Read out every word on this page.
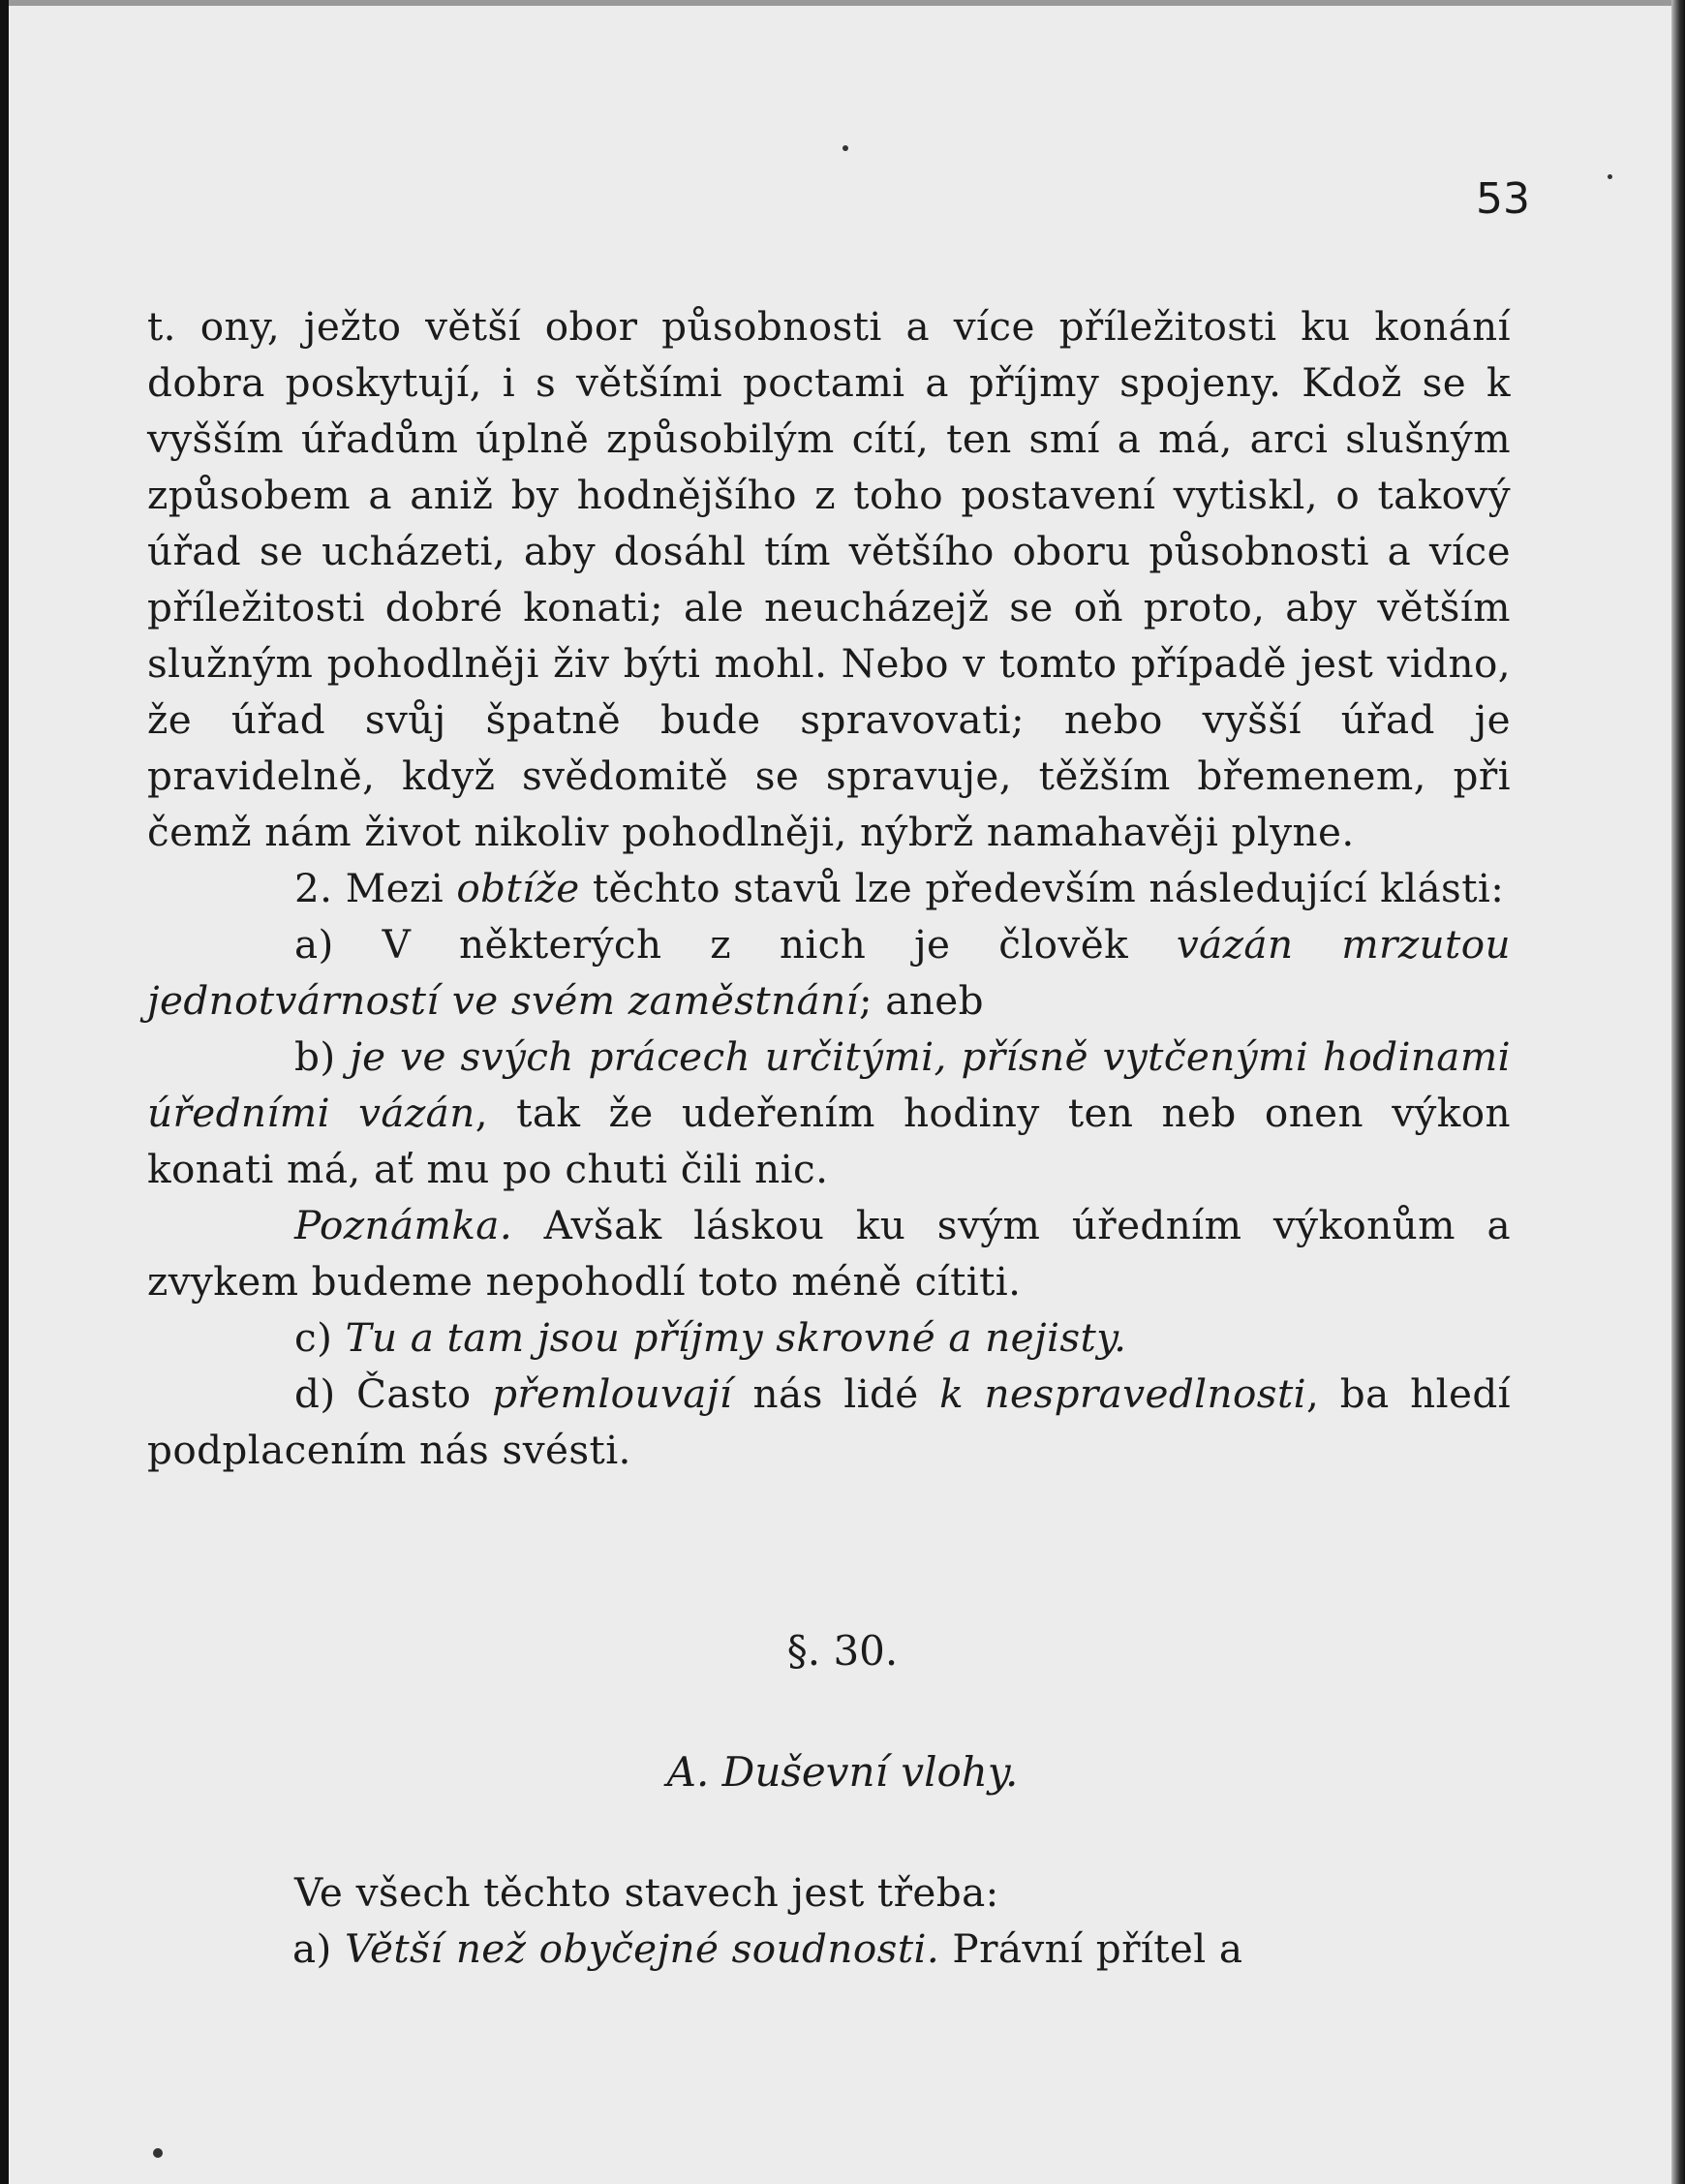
53

t. ony, ježto větší obor působnosti a více příležitosti ku konání dobra poskytují, i s většími poctami a příjmy spojeny. Kdož se k vyšším úřadům úplně způsobilým cítí, ten smí a má, arci slušným způsobem a aniž by hodnějšího z toho postavení vytiskl, o takový úřad se ucházeti, aby dosáhl tím většího oboru působnosti a více příležitosti dobré konati; ale neucházejž se oň proto, aby větším služným pohodlněji živ býti mohl. Nebo v tomto případě jest vidno, že úřad svůj špatně bude spravovati; nebo vyšší úřad je pravidelně, když svědomitě se spravuje, těžším břemenem, při čemž nám život nikoliv pohodlněji, nýbrž namahavěji plyne.

2. Mezi obtíže těchto stavů lze především následující klásti:

a) V některých z nich je člověk vázán mrzutou jednotvárností ve svém zaměstnání; aneb

b) je ve svých prácech určitými, přísně vytčenými hodinami úředními vázán, tak že udeřením hodiny ten neb onen výkon konati má, ať mu po chuti čili nic.

Poznámka. Avšak láskou ku svým úředním výkonům a zvykem budeme nepohodlí toto méně cítiti.

c) Tu a tam jsou příjmy skrovné a nejisty.

d) Často přemlouvají nás lidé k nespravedlnosti, ba hledí podplacením nás svésti.

§. 30.
A. Duševní vlohy.

Ve všech těchto stavech jest třeba:

a) Větší než obyčejné soudnosti. Právní přítel a
